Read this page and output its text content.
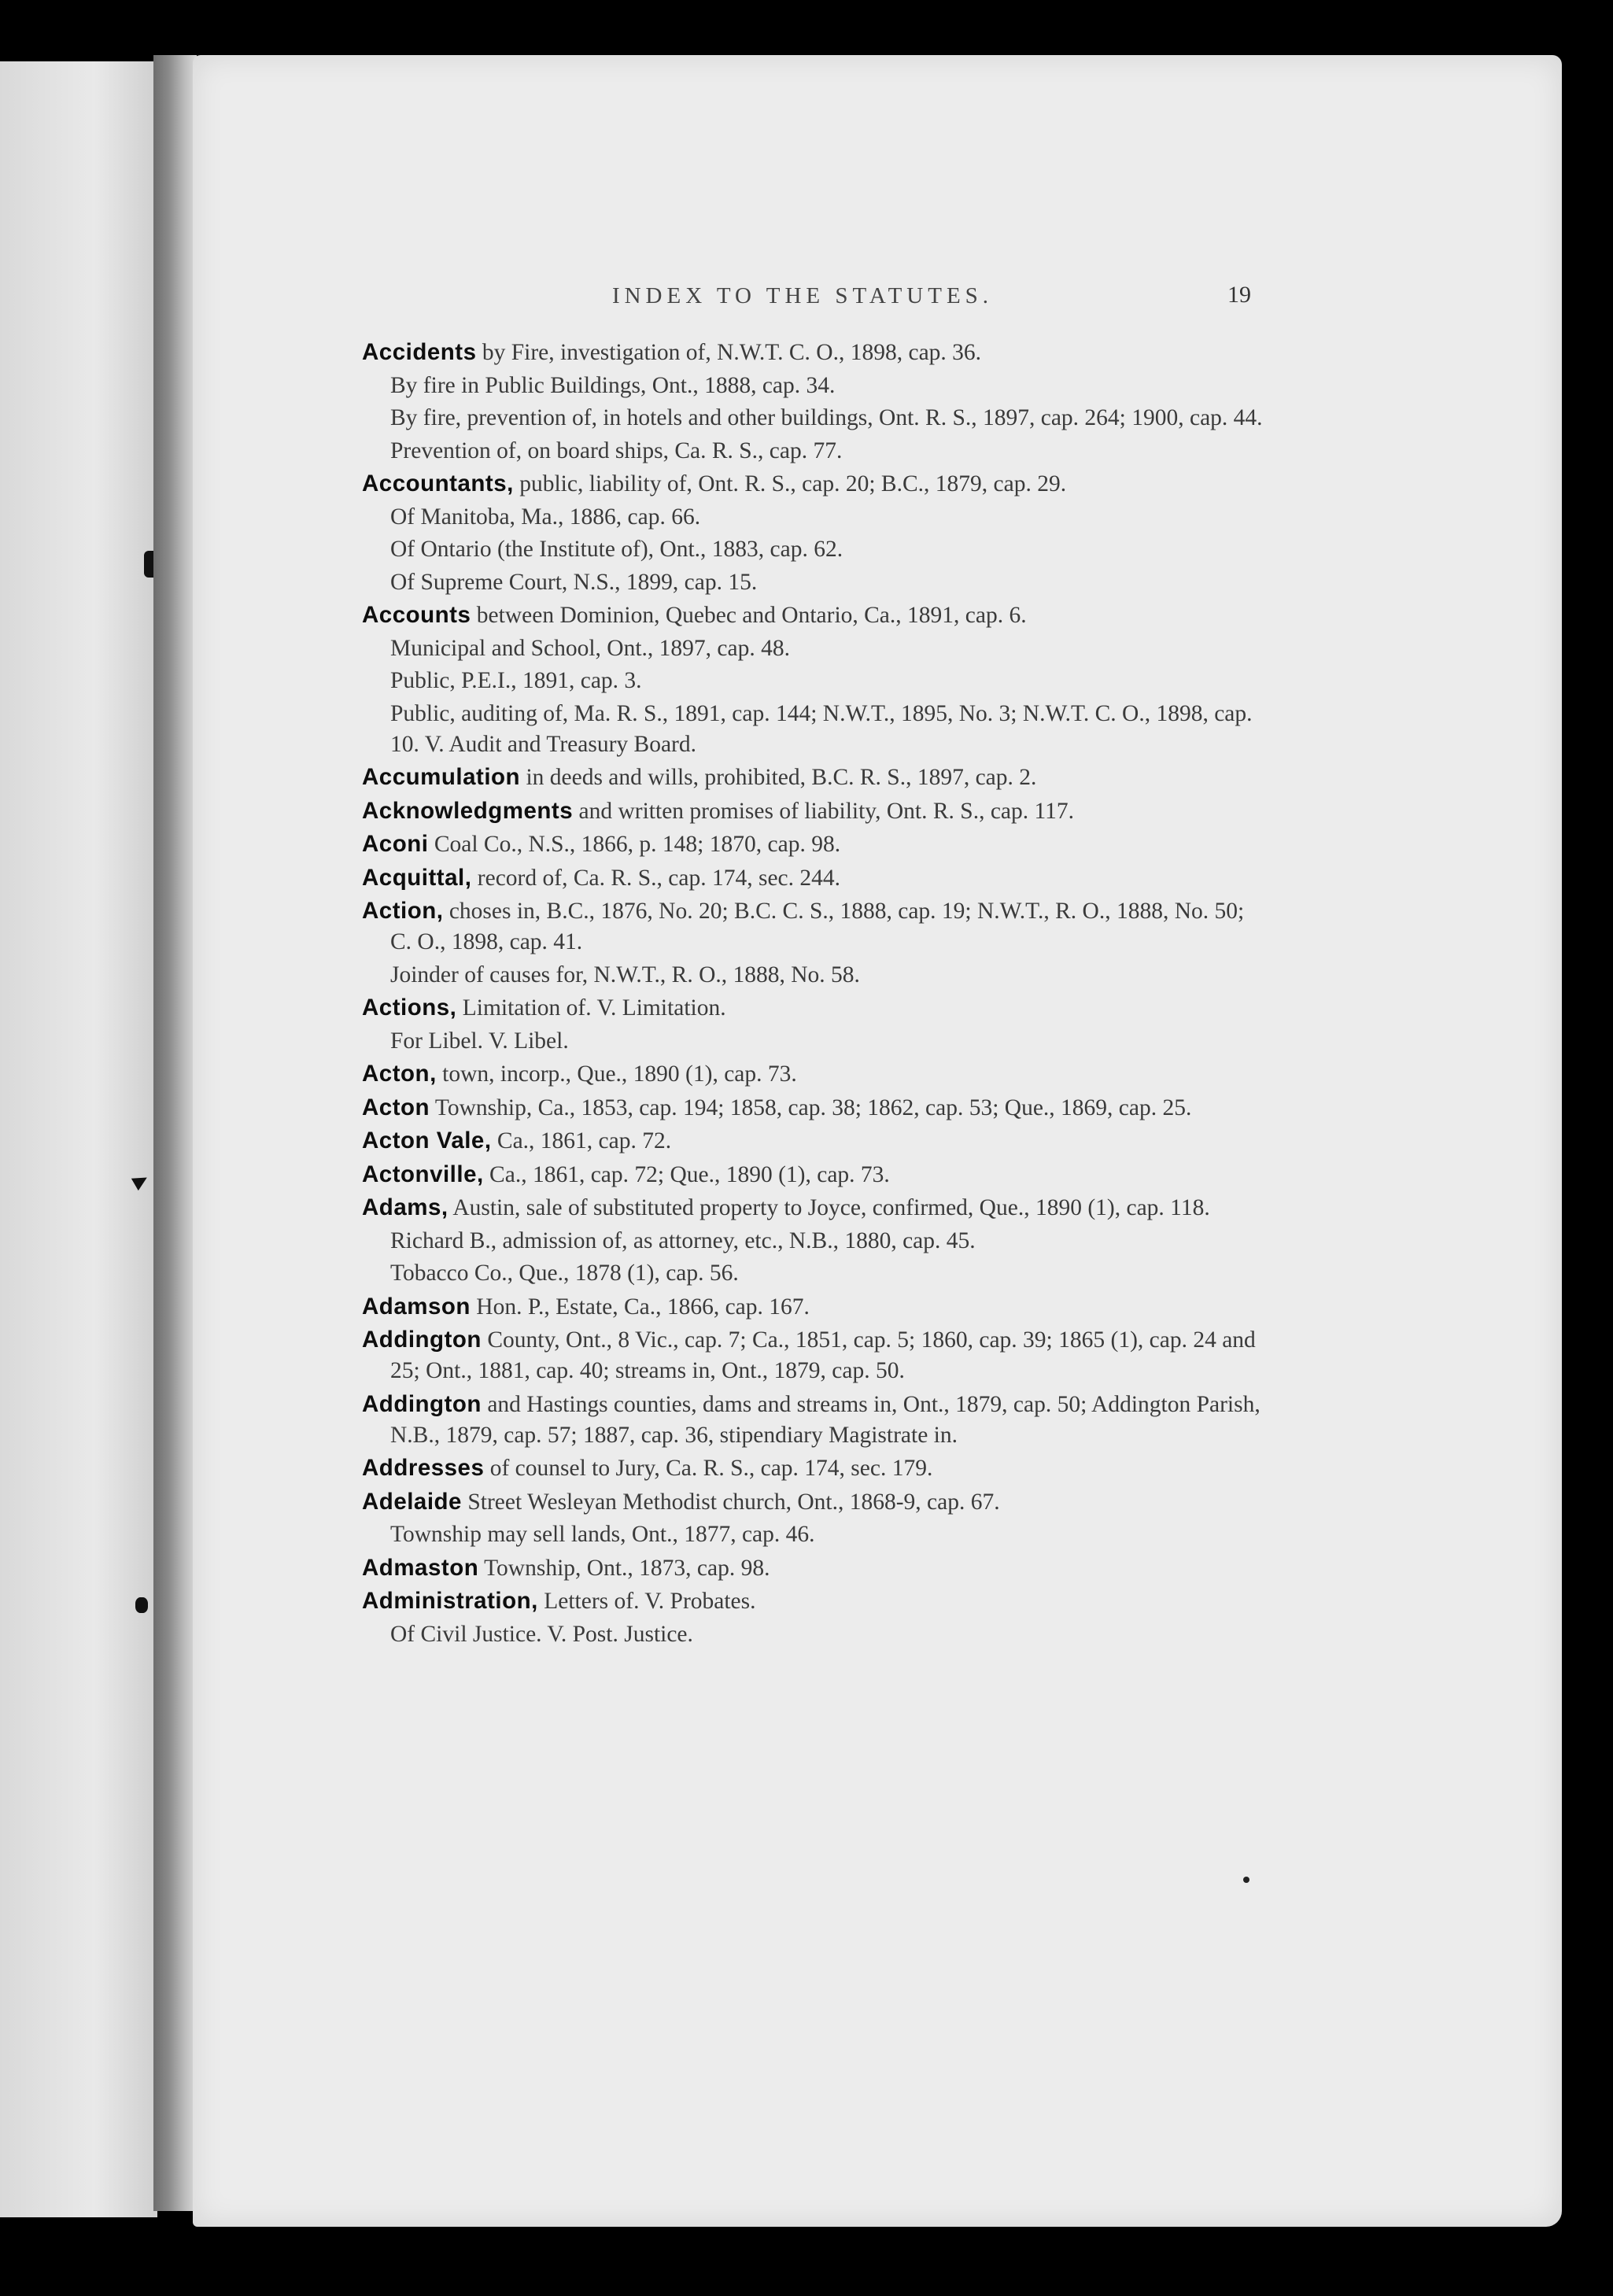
INDEX TO THE STATUTES.	19

Accidents by Fire, investigation of, N.W.T. C. O., 1898, cap. 36.

By fire in Public Buildings, Ont., 1888, cap. 34.

By fire, prevention of, in hotels and other buildings, Ont. R. S., 1897, cap. 264; 1900, cap. 44.

Prevention of, on board ships, Ca. R. S., cap. 77.

Accountants, public, liability of, Ont. R. S., cap. 20; B.C., 1879, cap. 29.

Of Manitoba, Ma., 1886, cap. 66.

Of Ontario (the Institute of), Ont., 1883, cap. 62.

Of Supreme Court, N.S., 1899, cap. 15.

Accounts between Dominion, Quebec and Ontario, Ca., 1891, cap. 6.

Municipal and School, Ont., 1897, cap. 48.

Public, P.E.I., 1891, cap. 3.

Public, auditing of, Ma. R. S., 1891, cap. 144; N.W.T., 1895, No. 3; N.W.T. C. O., 1898, cap. 10. V. Audit and Treasury Board.

Accumulation in deeds and wills, prohibited, B.C. R. S., 1897, cap. 2.

Acknowledgments and written promises of liability, Ont. R. S., cap. 117.

Aconi Coal Co., N.S., 1866, p. 148; 1870, cap. 98.

Acquittal, record of, Ca. R. S., cap. 174, sec. 244.

Action, choses in, B.C., 1876, No. 20; B.C. C. S., 1888, cap. 19; N.W.T., R. O., 1888, No. 50; C. O., 1898, cap. 41.

Joinder of causes for, N.W.T., R. O., 1888, No. 58.

Actions, Limitation of. V. Limitation.

For Libel. V. Libel.

Acton, town, incorp., Que., 1890 (1), cap. 73.

Acton Township, Ca., 1853, cap. 194; 1858, cap. 38; 1862, cap. 53; Que., 1869, cap. 25.

Acton Vale, Ca., 1861, cap. 72.

Actonville, Ca., 1861, cap. 72; Que., 1890 (1), cap. 73.

Adams, Austin, sale of substituted property to Joyce, confirmed, Que., 1890 (1), cap. 118.

Richard B., admission of, as attorney, etc., N.B., 1880, cap. 45.

Tobacco Co., Que., 1878 (1), cap. 56.

Adamson Hon. P., Estate, Ca., 1866, cap. 167.

Addington County, Ont., 8 Vic., cap. 7; Ca., 1851, cap. 5; 1860, cap. 39; 1865 (1), cap. 24 and 25; Ont., 1881, cap. 40; streams in, Ont., 1879, cap. 50.

Addington and Hastings counties, dams and streams in, Ont., 1879, cap. 50; Addington Parish, N.B., 1879, cap. 57; 1887, cap. 36, stipendiary Magistrate in.

Addresses of counsel to Jury, Ca. R. S., cap. 174, sec. 179.

Adelaide Street Wesleyan Methodist church, Ont., 1868-9, cap. 67.

Township may sell lands, Ont., 1877, cap. 46.

Admaston Township, Ont., 1873, cap. 98.

Administration, Letters of. V. Probates.

Of Civil Justice. V. Post. Justice.
